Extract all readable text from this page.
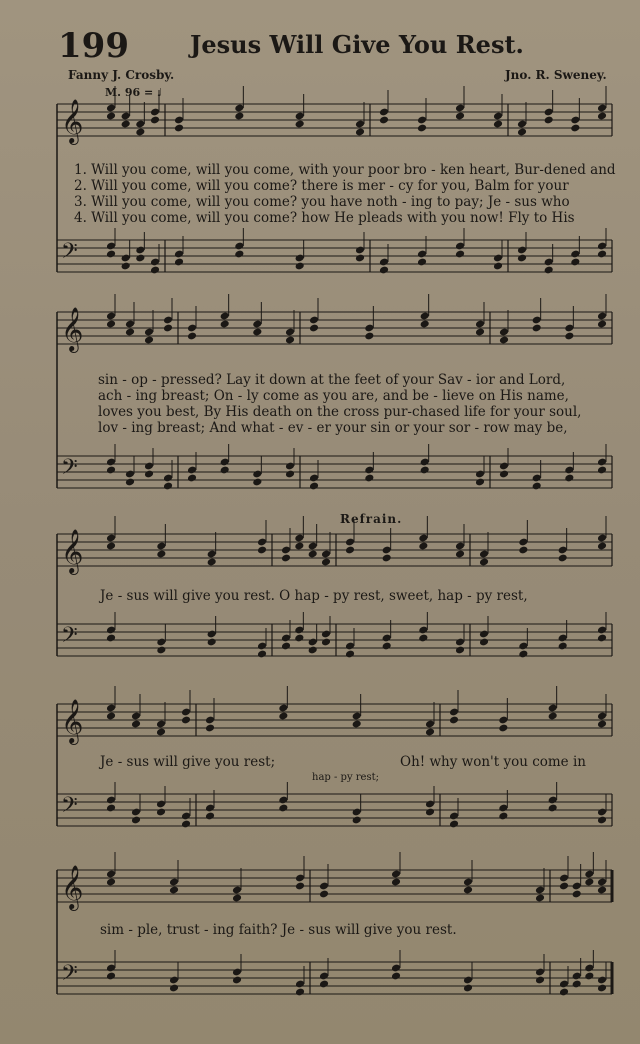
199	Jesus Will Give You Rest.
Fanny J. Crosby.	Jno. R. Sweney.
M. 96 = ♩
𝄞
𝄢
𝄞
𝄢
𝄞
𝄢
𝄞
𝄢
𝄞
𝄢
1. Will you come, will you come, with your poor bro - ken heart, Bur-dened and
2. Will you come, will you come? there is mer - cy for you, Balm for your
3. Will you come, will you come? you have noth - ing to pay; Je - sus who
4. Will you come, will you come? how He pleads with you now! Fly to His
sin - op - pressed? Lay it down at the feet of your Sav - ior and Lord,
ach - ing breast; On - ly come as you are, and be - lieve on His name,
loves you best, By His death on the cross pur-chased life for your soul,
lov - ing breast; And what - ev - er your sin or your sor - row may be,
Refrain.
Je - sus will give you rest. O hap - py rest, sweet, hap - py rest,
Je - sus will give you rest;
hap - py rest;
Oh! why won't you come in
sim - ple, trust - ing faith? Je - sus will give you rest.
